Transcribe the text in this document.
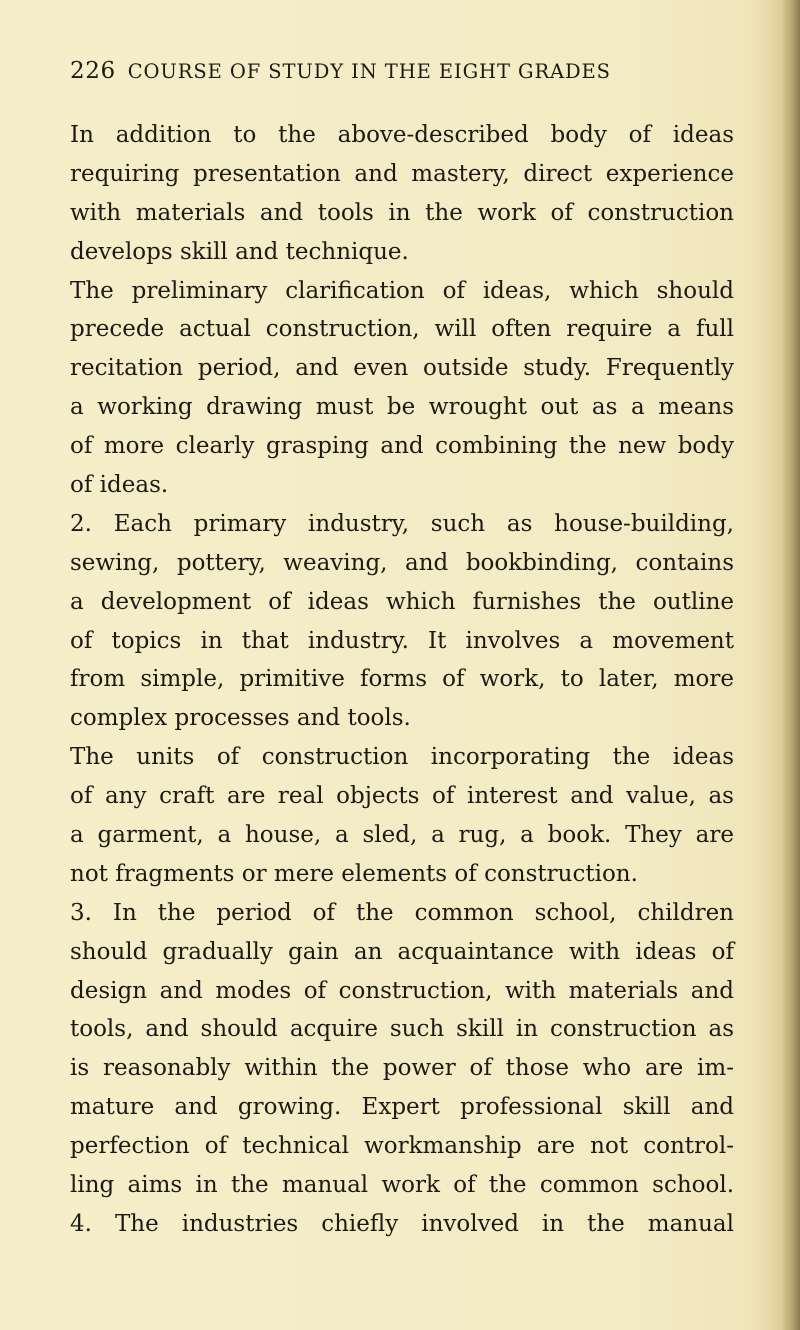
226 COURSE OF STUDY IN THE EIGHT GRADES
In addition to the above-described body of ideas
requiring presentation and mastery, direct experience
with materials and tools in the work of construction
develops skill and technique.
The preliminary clarification of ideas, which should
precede actual construction, will often require a full
recitation period, and even outside study. Frequently
a working drawing must be wrought out as a means
of more clearly grasping and combining the new body
of ideas.
2. Each primary industry, such as house-building,
sewing, pottery, weaving, and bookbinding, contains
a development of ideas which furnishes the outline
of topics in that industry. It involves a movement
from simple, primitive forms of work, to later, more
complex processes and tools.
The units of construction incorporating the ideas
of any craft are real objects of interest and value, as
a garment, a house, a sled, a rug, a book. They are
not fragments or mere elements of construction.
3. In the period of the common school, children
should gradually gain an acquaintance with ideas of
design and modes of construction, with materials and
tools, and should acquire such skill in construction as
is reasonably within the power of those who are im-
mature and growing. Expert professional skill and
perfection of technical workmanship are not control-
ling aims in the manual work of the common school.
4. The industries chiefly involved in the manual
